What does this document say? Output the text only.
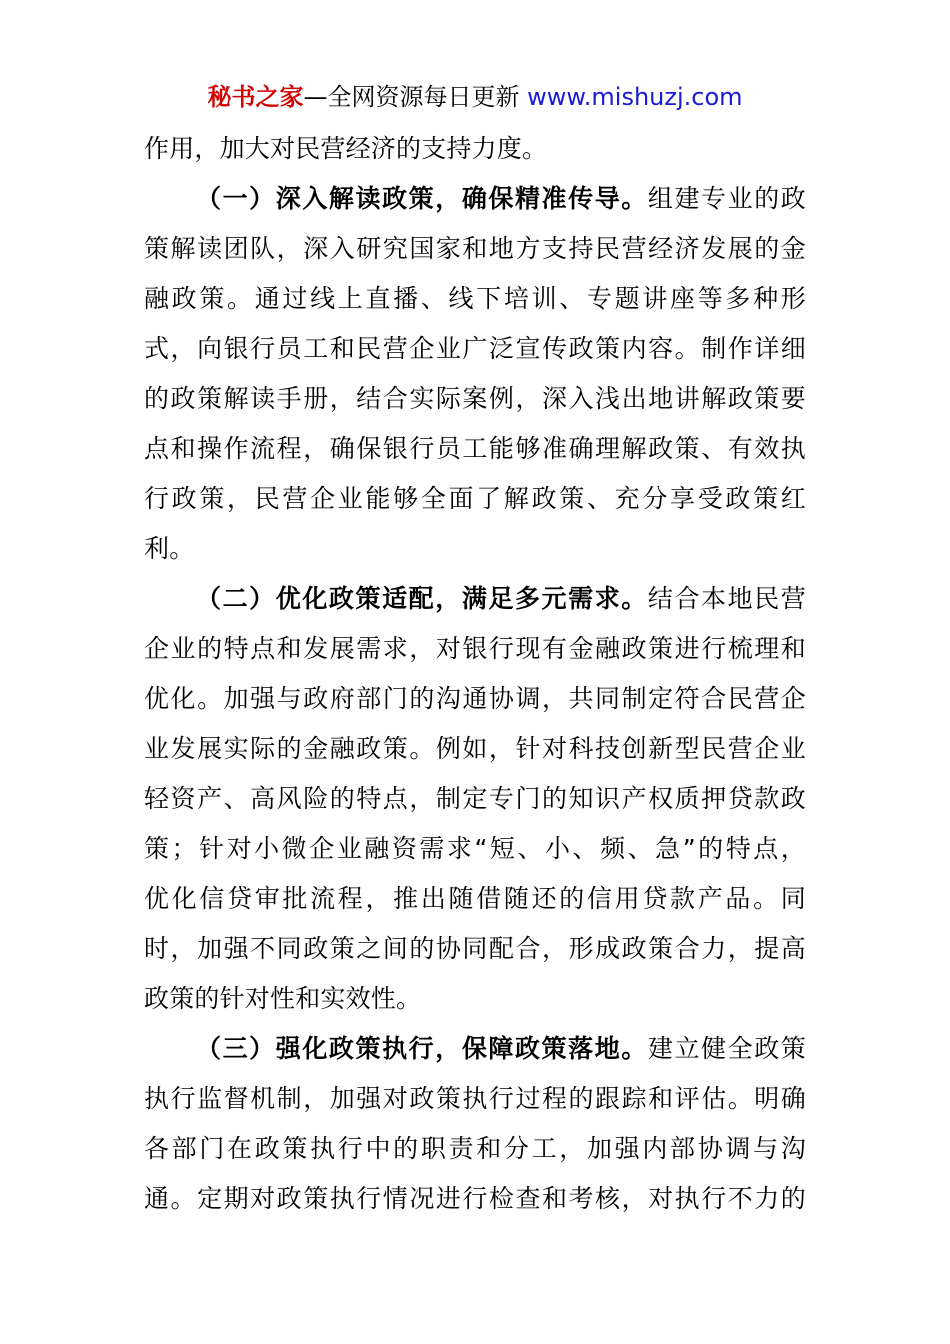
秘书之家—全网资源每日更新 www.mishuzj.com
作用，加大对民营经济的支持力度。
（一）深入解读政策，确保精准传导。组建专业的政
策解读团队，深入研究国家和地方支持民营经济发展的金
融政策。通过线上直播、线下培训、专题讲座等多种形
式，向银行员工和民营企业广泛宣传政策内容。制作详细
的政策解读手册，结合实际案例，深入浅出地讲解政策要
点和操作流程，确保银行员工能够准确理解政策、有效执
行政策，民营企业能够全面了解政策、充分享受政策红
利。
（二）优化政策适配，满足多元需求。结合本地民营
企业的特点和发展需求，对银行现有金融政策进行梳理和
优化。加强与政府部门的沟通协调，共同制定符合民营企
业发展实际的金融政策。例如，针对科技创新型民营企业
轻资产、高风险的特点，制定专门的知识产权质押贷款政
策；针对小微企业融资需求“短、小、频、急”的特点，
优化信贷审批流程，推出随借随还的信用贷款产品。同
时，加强不同政策之间的协同配合，形成政策合力，提高
政策的针对性和实效性。
（三）强化政策执行，保障政策落地。建立健全政策
执行监督机制，加强对政策执行过程的跟踪和评估。明确
各部门在政策执行中的职责和分工，加强内部协调与沟
通。定期对政策执行情况进行检查和考核，对执行不力的
